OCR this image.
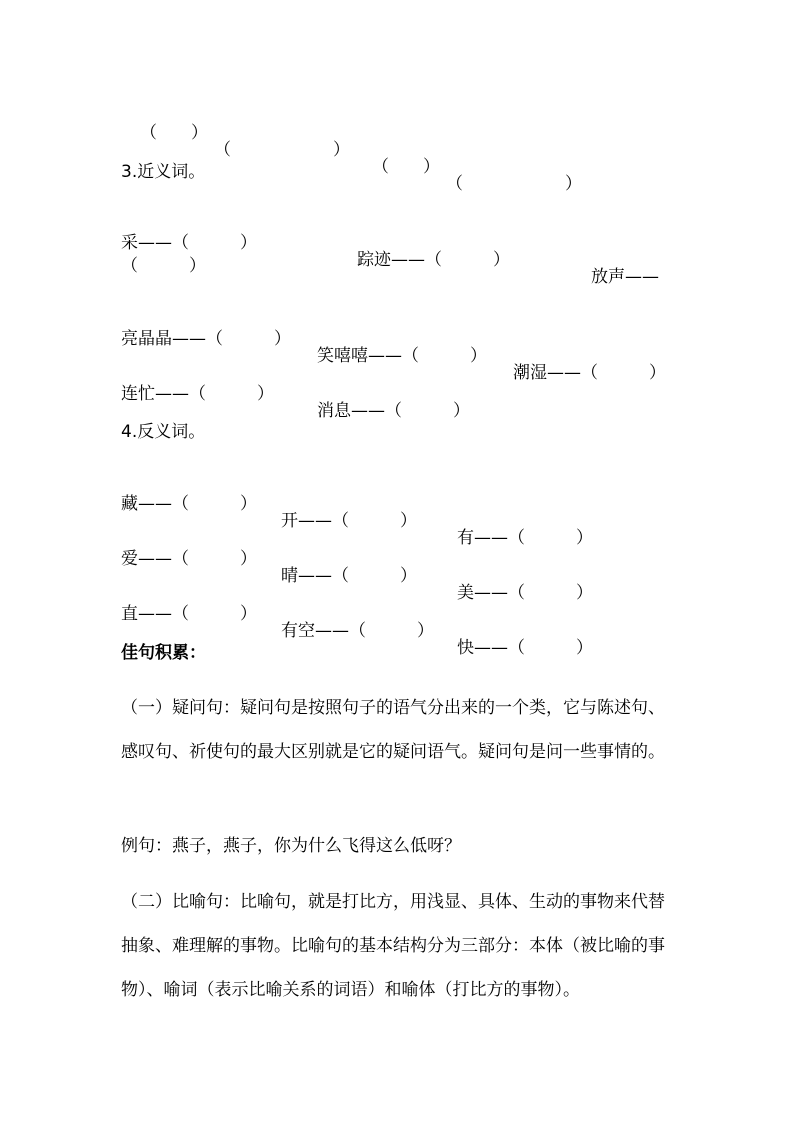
（　　）

（　　　　　　）

（　　）

（　　　　　　）

3.近义词。

采——（　　　）

踪迹——（　　　）

放声——

（　　　）

亮晶晶——（　　　）

笑嘻嘻——（　　　）

潮湿——（　　　）

连忙——（　　　）

消息——（　　　）

4.反义词。

藏——（　　　）

开——（　　　）

有——（　　　）

爱——（　　　）

晴——（　　　）

美——（　　　）

直——（　　　）

有空——（　　　）

快——（　　　）

佳句积累：

（一）疑问句：疑问句是按照句子的语气分出来的一个类，它与陈述句、感叹句、祈使句的最大区别就是它的疑问语气。疑问句是问一些事情的。

例句：燕子，燕子，你为什么飞得这么低呀？

（二）比喻句：比喻句，就是打比方，用浅显、具体、生动的事物来代替抽象、难理解的事物。比喻句的基本结构分为三部分：本体（被比喻的事物）、喻词（表示比喻关系的词语）和喻体（打比方的事物）。
